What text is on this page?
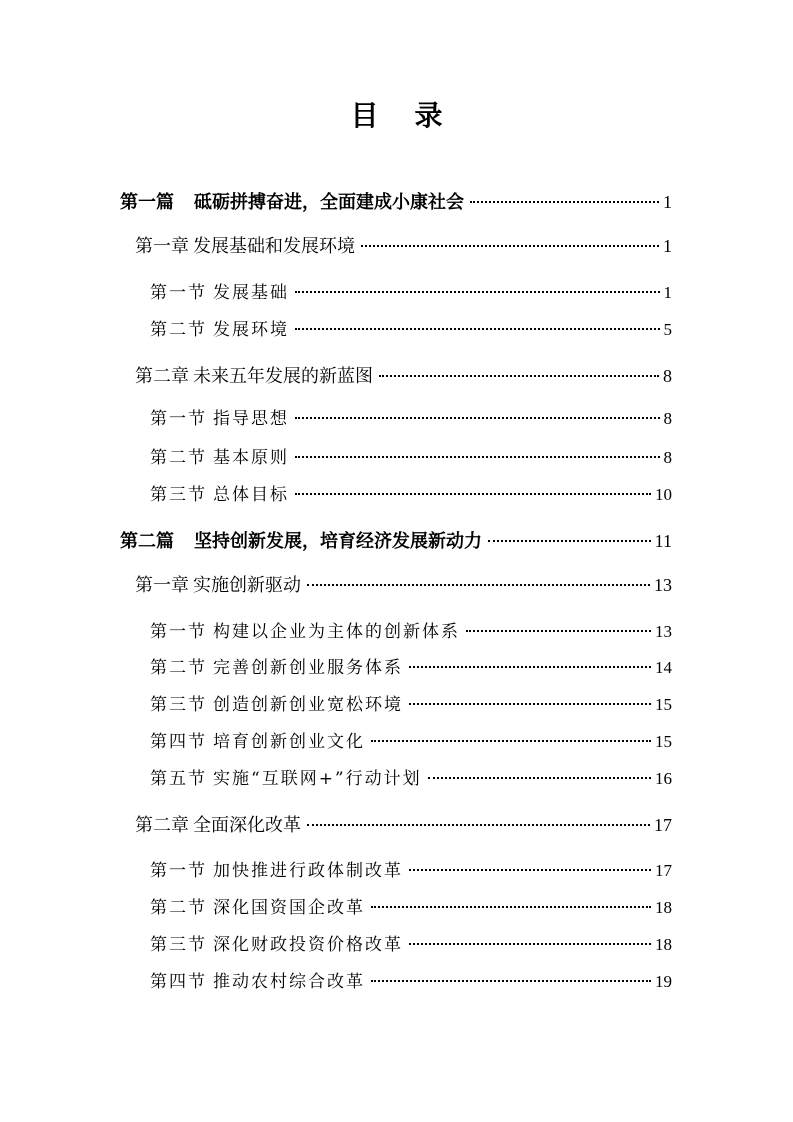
目录
第一篇 砥砺拼搏奋进，全面建成小康社会	1
第一章 发展基础和发展环境	1
第一节 发展基础	1
第二节 发展环境	5
第二章 未来五年发展的新蓝图	8
第一节 指导思想	8
第二节 基本原则	8
第三节 总体目标	10
第二篇 坚持创新发展，培育经济发展新动力	11
第一章 实施创新驱动	13
第一节 构建以企业为主体的创新体系	13
第二节 完善创新创业服务体系	14
第三节 创造创新创业宽松环境	15
第四节 培育创新创业文化	15
第五节 实施“互联网+”行动计划	16
第二章 全面深化改革	17
第一节 加快推进行政体制改革	17
第二节 深化国资国企改革	18
第三节 深化财政投资价格改革	18
第四节 推动农村综合改革	19
